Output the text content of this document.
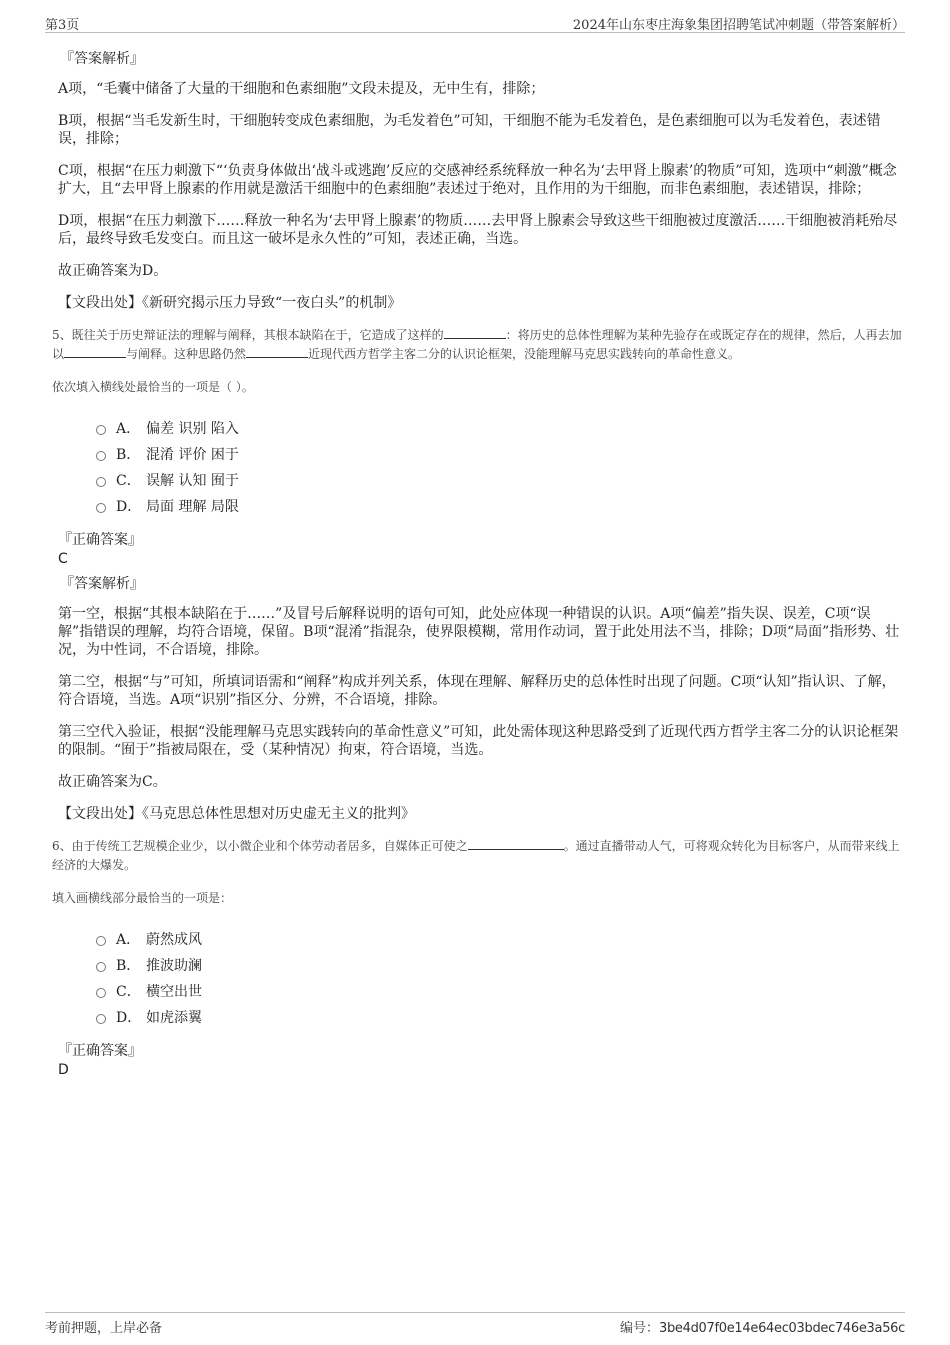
第3页	2024年山东枣庄海象集团招聘笔试冲刺题（带答案解析）
『答案解析』

A项，“毛囊中储备了大量的干细胞和色素细胞”文段未提及，无中生有，排除；

B项，根据“当毛发新生时，干细胞转变成色素细胞，为毛发着色”可知，干细胞不能为毛发着色，是色素细胞可以为毛发着色，表述错误，排除；

C项，根据“在压力刺激下“‘负责身体做出‘战斗或逃跑’反应的交感神经系统释放一种名为‘去甲肾上腺素’的物质”可知，选项中“刺激”概念扩大，且“去甲肾上腺素的作用就是激活干细胞中的色素细胞”表述过于绝对，且作用的为干细胞，而非色素细胞，表述错误，排除；

D项，根据“在压力刺激下……释放一种名为‘去甲肾上腺素’的物质……去甲肾上腺素会导致这些干细胞被过度激活……干细胞被消耗殆尽后，最终导致毛发变白。而且这一破坏是永久性的”可知，表述正确，当选。

故正确答案为D。

【文段出处】《新研究揭示压力导致“一夜白头”的机制》

5、既往关于历史辩证法的理解与阐释，其根本缺陷在于，它造成了这样的	：将历史的总体性理解为某种先验存在或既定存在的规律，然后，人再去加以	与阐释。这种思路仍然	近现代西方哲学主客二分的认识论框架，没能理解马克思实践转向的革命性意义。
依次填入横线处最恰当的一项是（ ）。
A． 偏差 识别 陷入
B． 混淆 评价 困于
C． 误解 认知 囿于
D． 局面 理解 局限
『正确答案』
C
『答案解析』

第一空，根据“其根本缺陷在于……”及冒号后解释说明的语句可知，此处应体现一种错误的认识。A项“偏差”指失误、误差，C项“误解”指错误的理解，均符合语境，保留。B项“混淆”指混杂，使界限模糊，常用作动词，置于此处用法不当，排除；D项“局面”指形势、壮况，为中性词，不合语境，排除。

第二空，根据“与”可知，所填词语需和“阐释”构成并列关系，体现在理解、解释历史的总体性时出现了问题。C项“认知”指认识、了解，符合语境，当选。A项“识别”指区分、分辨，不合语境，排除。

第三空代入验证，根据“没能理解马克思实践转向的革命性意义”可知，此处需体现这种思路受到了近现代西方哲学主客二分的认识论框架的限制。“囿于”指被局限在，受（某种情况）拘束，符合语境，当选。

故正确答案为C。

【文段出处】《马克思总体性思想对历史虚无主义的批判》

6、由于传统工艺规模企业少，以小微企业和个体劳动者居多，自媒体正可使之	。通过直播带动人气，可将观众转化为目标客户，从而带来线上经济的大爆发。
填入画横线部分最恰当的一项是：
A． 蔚然成风
B． 推波助澜
C． 横空出世
D． 如虎添翼
『正确答案』
D
考前押题，上岸必备	编号：3be4d07f0e14e64ec03bdec746e3a56c
